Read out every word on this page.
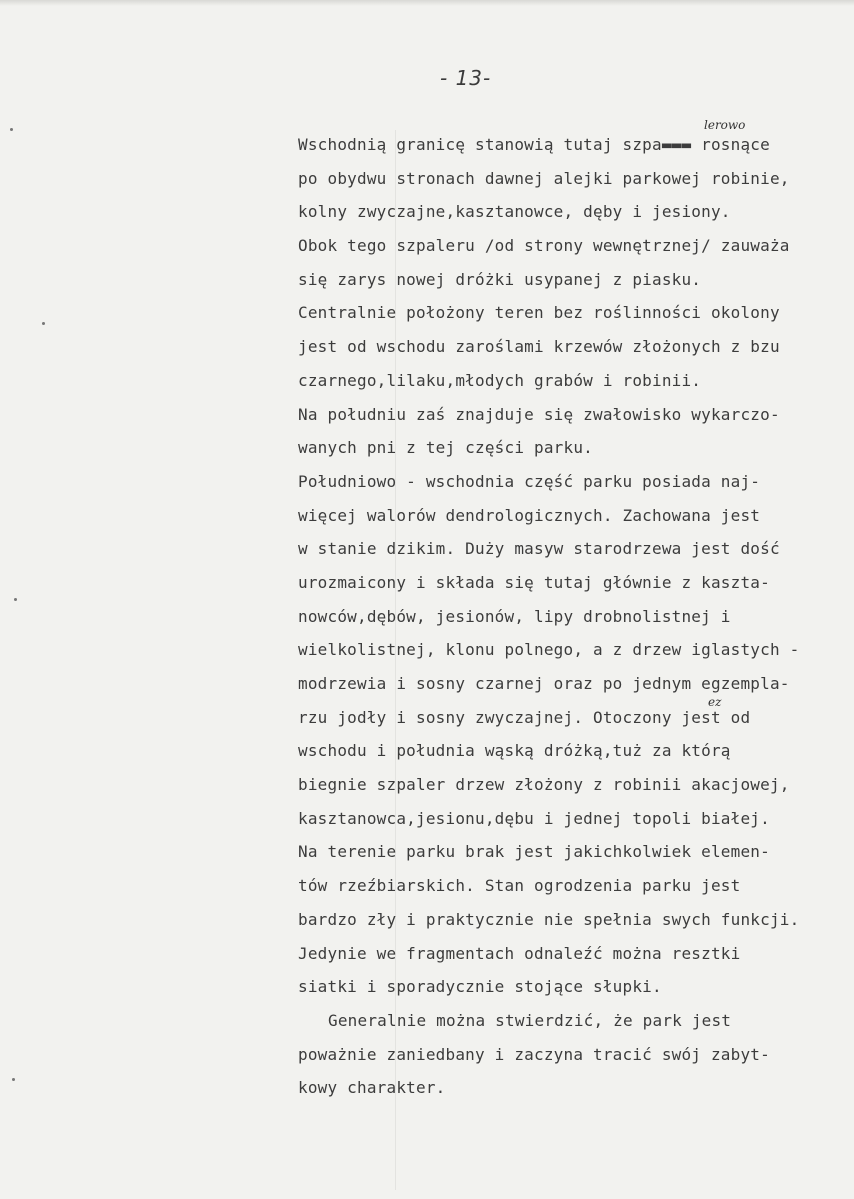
- 13-
lerowo
ez
Wschodnią granicę stanowią tutaj szpa▬▬▬ rosnące
po obydwu stronach dawnej alejki parkowej robinie,
kolny zwyczajne,kasztanowce, dęby i jesiony.
Obok tego szpaleru /od strony wewnętrznej/ zauważa
się zarys nowej dróżki usypanej z piasku.
Centralnie położony teren bez roślinności okolony
jest od wschodu zaroślami krzewów złożonych z bzu
czarnego,lilaku,młodych grabów i robinii.
Na południu zaś znajduje się zwałowisko wykarczo-
wanych pni z tej części parku.
Południowo - wschodnia część parku posiada naj-
więcej walorów dendrologicznych. Zachowana jest
w stanie dzikim. Duży masyw starodrzewa jest dość
urozmaicony i składa się tutaj głównie z kaszta-
nowców,dębów, jesionów, lipy drobnolistnej i
wielkolistnej, klonu polnego, a z drzew iglastych -
modrzewia i sosny czarnej oraz po jednym egzempla-
rzu jodły i sosny zwyczajnej. Otoczony jest od
wschodu i południa wąską dróżką,tuż za którą
biegnie szpaler drzew złożony z robinii akacjowej,
kasztanowca,jesionu,dębu i jednej topoli białej.
Na terenie parku brak jest jakichkolwiek elemen-
tów rzeźbiarskich. Stan ogrodzenia parku jest
bardzo zły i praktycznie nie spełnia swych funkcji.
Jedynie we fragmentach odnaleźć można resztki
siatki i sporadycznie stojące słupki.
Generalnie można stwierdzić, że park jest
poważnie zaniedbany i zaczyna tracić swój zabyt-
kowy charakter.
